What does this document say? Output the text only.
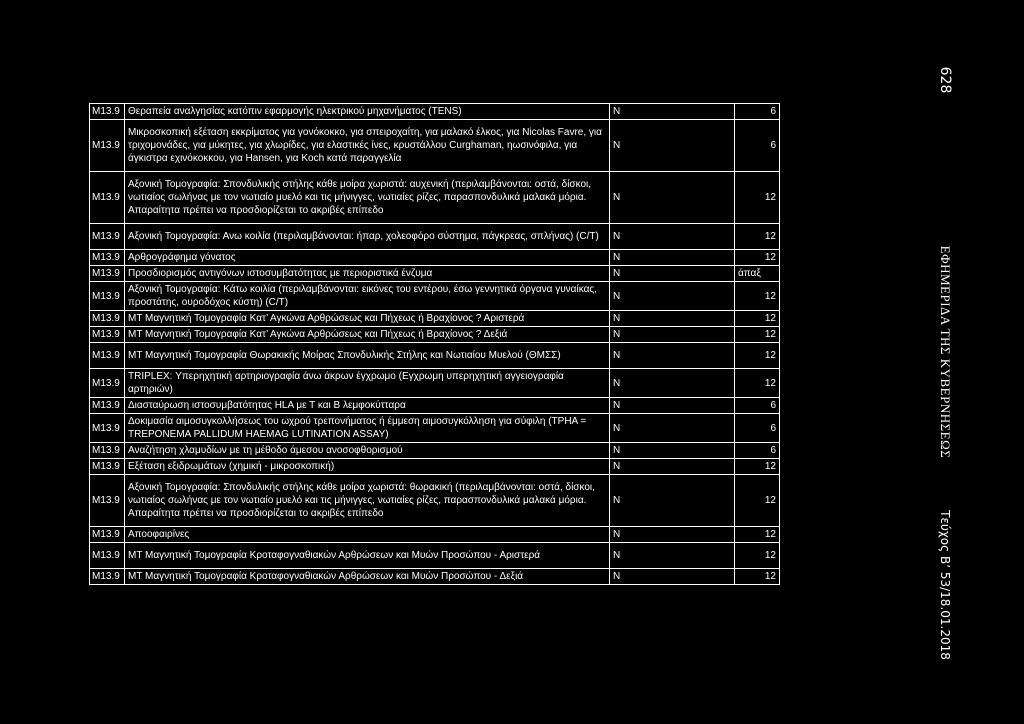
628
ΕΦΗΜΕΡΙΔΑ ΤΗΣ ΚΥΒΕΡΝΗΣΕΩΣ
Τεύχος Β’ 53/18.01.2018
M13.9	Θεραπεία αναλγησίας κατόπιν εφαρμογής ηλεκτρικού μηχανήματος (TENS)	N	6
M13.9	Μικροσκοπική εξέταση εκκρίματος για γονόκοκκο, για σπειροχαίτη, για μαλακό έλκος, για Nicolas Favre, για τριχομονάδες, για μύκητες, για χλωρίδες, για ελαστικές ίνες, κρυστάλλου Curghaman, ηωσινόφιλα, για άγκιστρα εχινόκοκκου, για Hansen, για Koch κατά παραγγελία	N	6
M13.9	Αξονική Τομογραφία: Σπονδυλικής στήλης κάθε μοίρα χωριστά: αυχενική (περιλαμβάνονται: οστά, δίσκοι, νωτιαίος σωλήνας με τον νωτιαίο μυελό και τις μήνιγγες, νωτιαίες ρίζες, παρασπονδυλικά μαλακά μόρια. Απαραίτητα πρέπει να προσδιορίζεται το ακριβές επίπεδο	N	12
M13.9	Αξονική Τομογραφία: Ανω κοιλία (περιλαμβάνονται: ήπαρ, χολεοφόρο σύστημα, πάγκρεας, σπλήνας) (C/T)	N	12
M13.9	Αρθρογράφημα γόνατος	N	12
M13.9	Προσδιορισμός αντιγόνων ιστοσυμβατότητας με περιοριστικά ένζυμα	N	άπαξ
M13.9	Αξονική Τομογραφία: Κάτω κοιλία (περιλαμβάνονται: εικόνες του εντέρου, έσω γεννητικά όργανα γυναίκας, προστάτης, ουροδόχος κύστη) (C/T)	N	12
M13.9	ΜΤ Μαγνητική Τομογραφία Κατ’ Αγκώνα Αρθρώσεως και Πήχεως ή Βραχίονος ? Αριστερά	N	12
M13.9	ΜΤ Μαγνητική Τομογραφία Κατ’ Αγκώνα Αρθρώσεως και Πήχεως ή Βραχίονος ? Δεξιά	N	12
M13.9	ΜΤ Μαγνητική Τομογραφία Θωρακικής Μοίρας Σπονδυλικής Στήλης και Νωτιαίου Μυελού (ΘΜΣΣ)	N	12
M13.9	TRIPLEX: Υπερηχητική αρτηριογραφία άνω άκρων έγχρωμο (Εγχρωμη υπερηχητική αγγειογραφία αρτηριών)	N	12
M13.9	Διασταύρωση ιστοσυμβατότητας HLA με Τ και Β λεμφοκύτταρα	N	6
M13.9	Δοκιμασία αιμοσυγκολλήσεως του ωχρού τρεπονήματος ή έμμεση αιμοσυγκόλληση για σύφιλη (TPHA = TREPONEMA PALLIDUM HAEMAG LUTINATION ASSAY)	N	6
M13.9	Αναζήτηση χλαμυδίων με τη μέθοδο άμεσου ανοσοφθορισμού	N	6
M13.9	Εξέταση εξιδρωμάτων (χημική - μικροσκοπική)	N	12
M13.9	Αξονική Τομογραφία: Σπονδυλικής στήλης κάθε μοίρα χωριστά: θωρακική (περιλαμβάνονται: οστά, δίσκοι, νωτιαίος σωλήνας με τον νωτιαίο μυελό και τις μήνιγγες, νωτιαίες ρίζες, παρασπονδυλικά μαλακά μόρια. Απαραίτητα πρέπει να προσδιορίζεται το ακριβές επίπεδο	N	12
M13.9	Αποοφαιρίνες	N	12
M13.9	ΜΤ Μαγνητική Τομογραφία Κροταφογναθιακών Αρθρώσεων και Μυών Προσώπου - Αριστερά	N	12
M13.9	ΜΤ Μαγνητική Τομογραφία Κροταφογναθιακών Αρθρώσεων και Μυών Προσώπου - Δεξιά	N	12
